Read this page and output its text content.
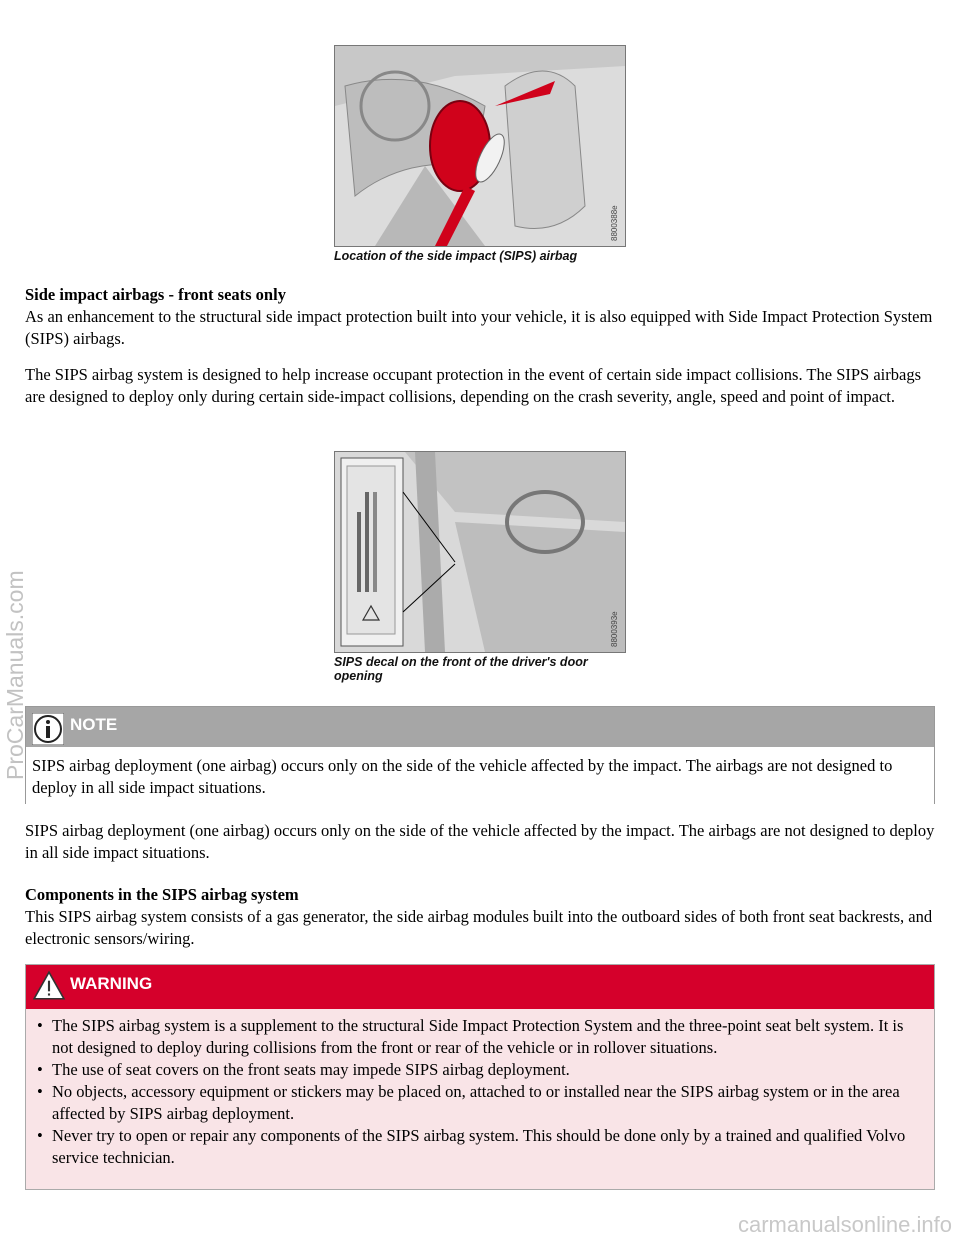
8800388e
Location of the side impact (SIPS) airbag

Side impact airbags - front seats only

As an enhancement to the structural side impact protection built into your vehicle, it is also equipped with Side Impact Protection System (SIPS) airbags.

The SIPS airbag system is designed to help increase occupant protection in the event of certain side impact collisions. The SIPS airbags are designed to deploy only during certain side-impact collisions, depending on the crash severity, angle, speed and point of impact.

8800393e
SIPS decal on the front of the driver's door
opening
NOTE
SIPS airbag deployment (one airbag) occurs only on the side of the vehicle affected by the impact. The airbags are not designed to deploy in all side impact situations.
SIPS airbag deployment (one airbag) occurs only on the side of the vehicle affected by the impact. The airbags are not designed to deploy in all side impact situations.

Components in the SIPS airbag system

This SIPS airbag system consists of a gas generator, the side airbag modules built into the outboard sides of both front seat backrests, and electronic sensors/wiring.

WARNING
• The SIPS airbag system is a supplement to the structural Side Impact Protection System and the three-point seat belt system. It is not designed to deploy during collisions from the front or rear of the vehicle or in rollover situations.
• The use of seat covers on the front seats may impede SIPS airbag deployment.
• No objects, accessory equipment or stickers may be placed on, attached to or installed near the SIPS airbag system or in the area affected by SIPS airbag deployment.
• Never try to open or repair any components of the SIPS airbag system. This should be done only by a trained and qualified Volvo service technician.
ProCarManuals.com
carmanualsonline.info
